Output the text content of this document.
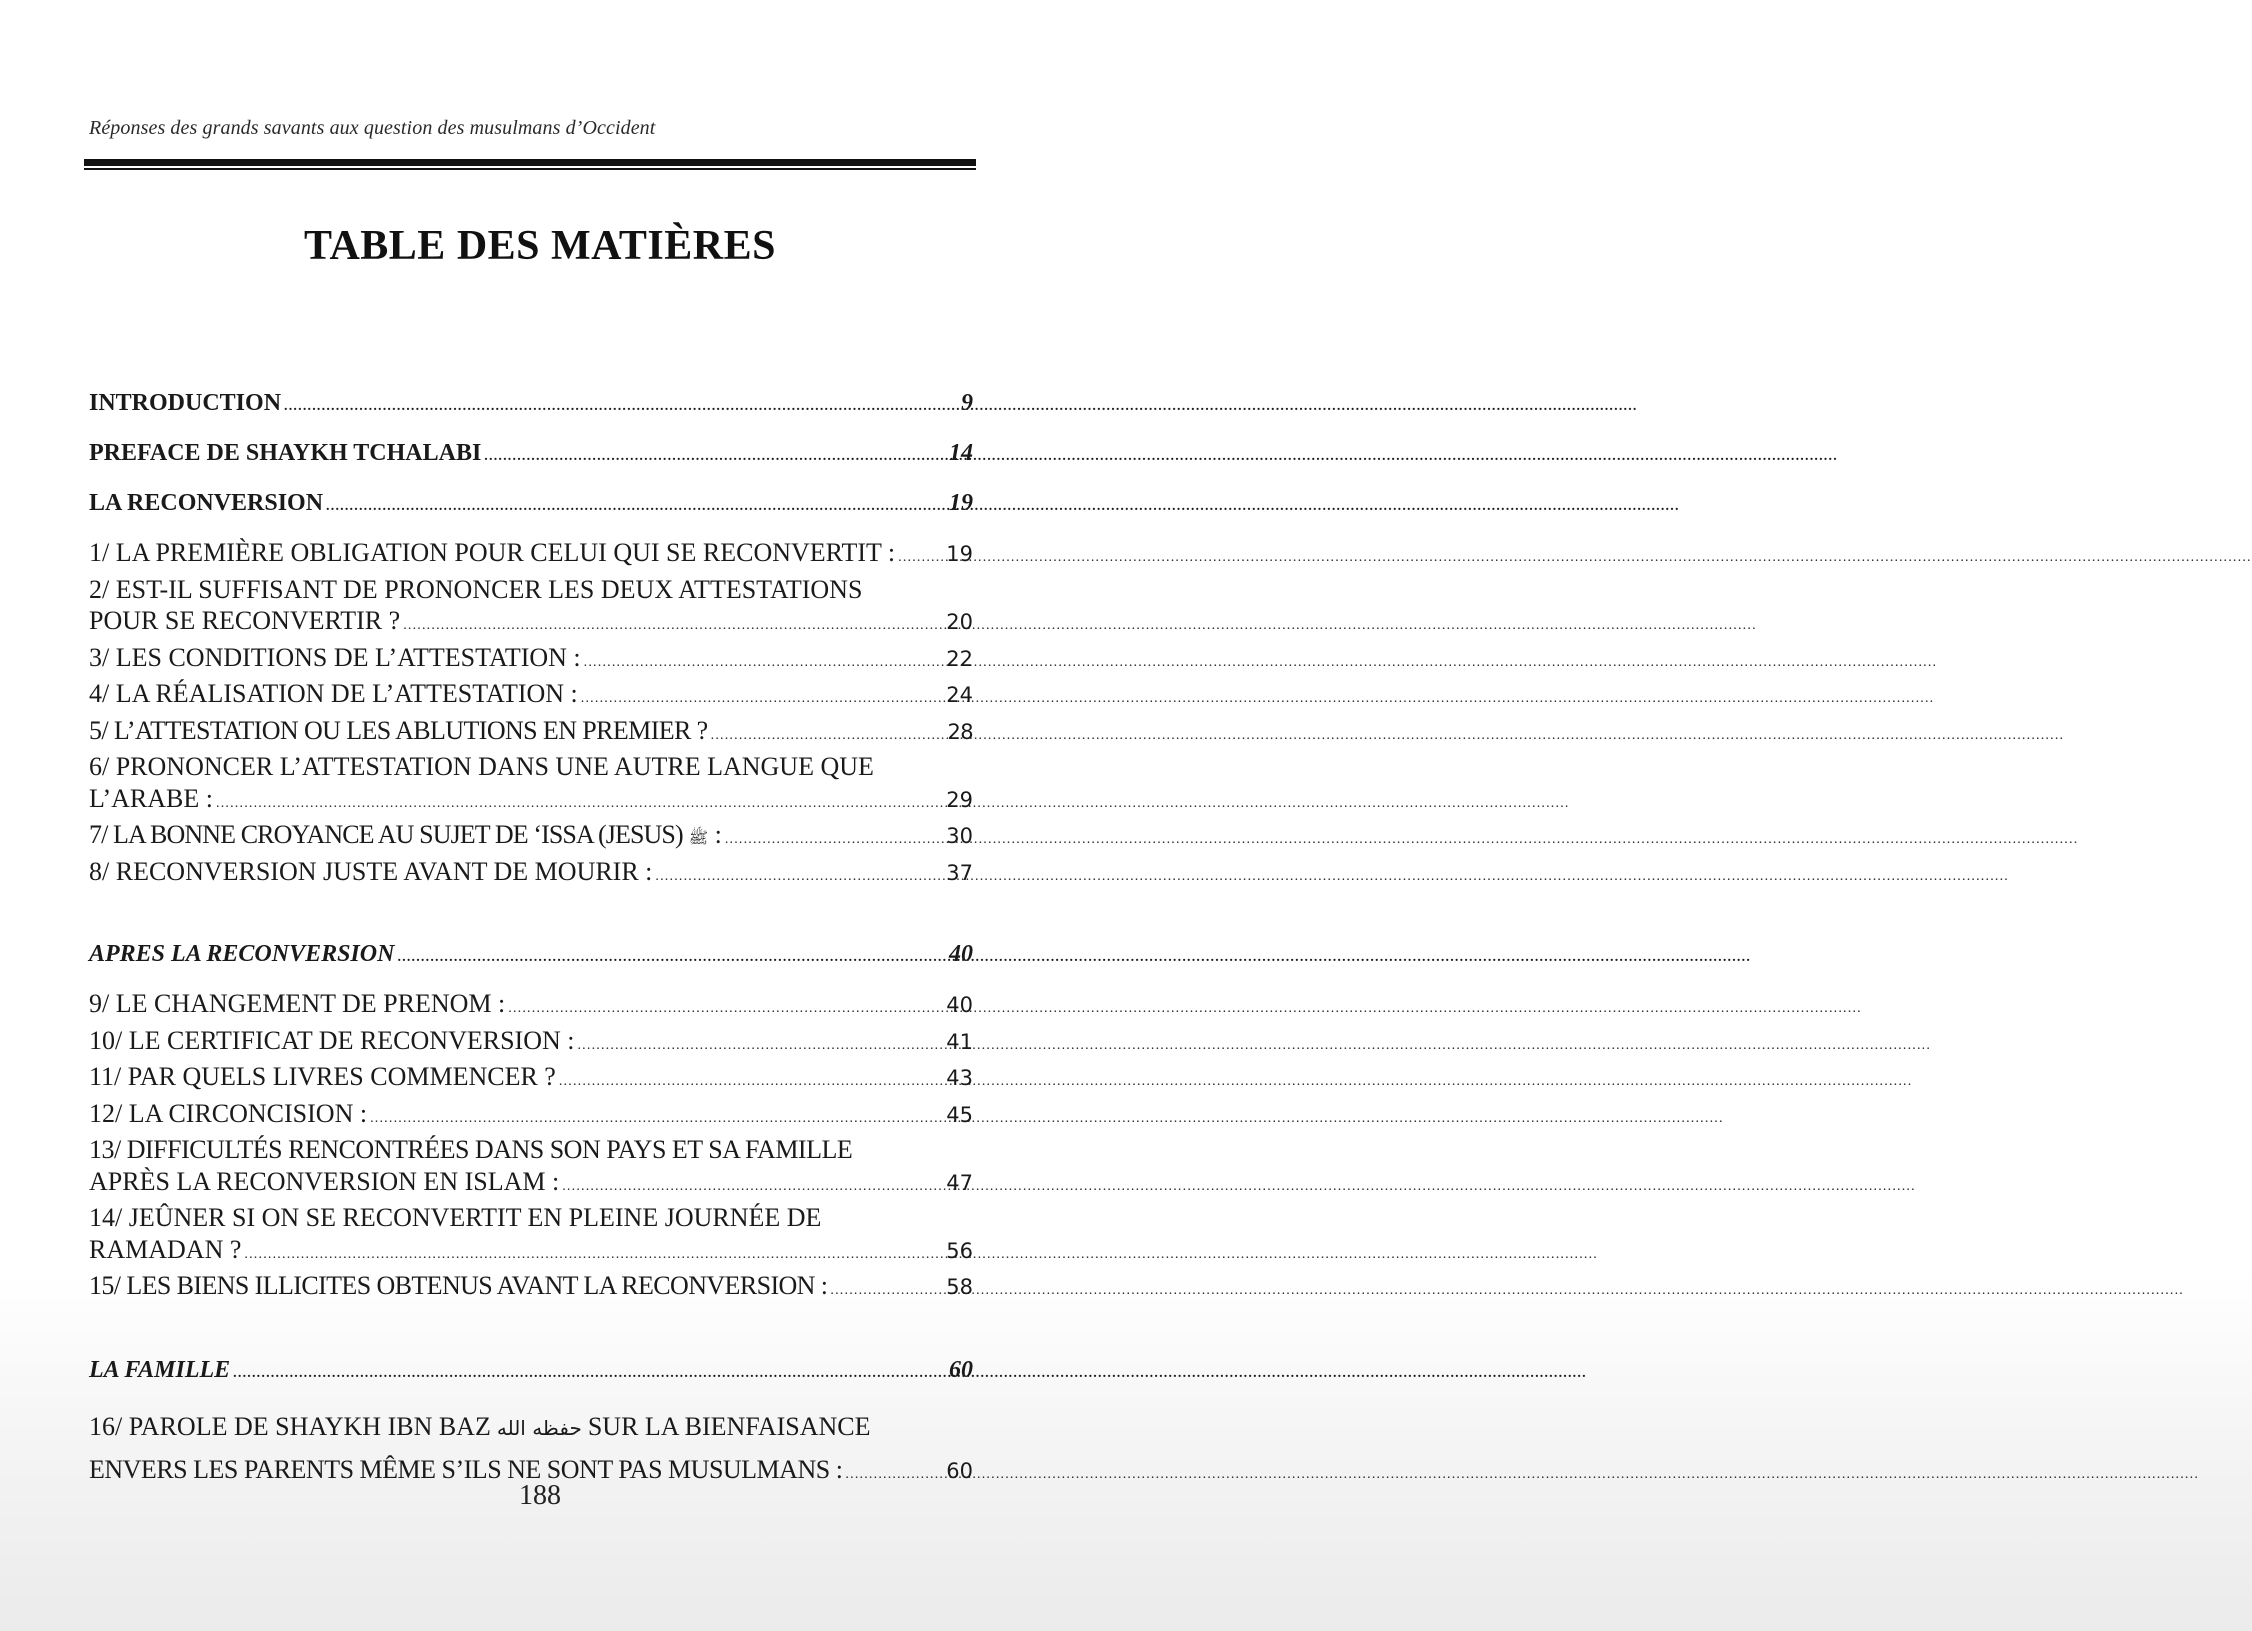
Réponses des grands savants aux question des musulmans d’Occident
TABLE DES MATIÈRES
INTRODUCTION .....	9
PREFACE DE SHAYKH TCHALABI .....	14
LA RECONVERSION .....	19
1/ LA PREMIÈRE OBLIGATION POUR CELUI QUI SE RECONVERTIT : ..... 19
2/ EST-IL SUFFISANT DE PRONONCER LES DEUX ATTESTATIONS
POUR SE RECONVERTIR ? .....	20
3/ LES CONDITIONS DE L’ATTESTATION : .....	22
4/ LA RÉALISATION DE L’ATTESTATION : .....	24
5/ L’ATTESTATION OU LES ABLUTIONS EN PREMIER ? .....	28
6/ PRONONCER L’ATTESTATION DANS UNE AUTRE LANGUE QUE
L’ARABE : .....	29
7/ LA BONNE CROYANCE AU SUJET DE ‘ISSA (JESUS) ﷺ : .....	30
8/ RECONVERSION JUSTE AVANT DE MOURIR : .....	37
APRES LA RECONVERSION .....	40
9/ LE CHANGEMENT DE PRENOM : .....	40
10/ LE CERTIFICAT DE RECONVERSION : .....	41
11/ PAR QUELS LIVRES COMMENCER ? .....	43
12/ LA CIRCONCISION : .....	45
13/ DIFFICULTÉS RENCONTRÉES DANS SON PAYS ET SA FAMILLE
APRÈS LA RECONVERSION EN ISLAM : .....	47
14/ JEÛNER SI ON SE RECONVERTIT EN PLEINE JOURNÉE DE
RAMADAN ? .....	56
15/ LES BIENS ILLICITES OBTENUS AVANT LA RECONVERSION : .....	58
LA FAMILLE .....	60
16/ PAROLE DE SHAYKH IBN BAZ حفظه الله SUR LA BIENFAISANCE
ENVERS LES PARENTS MÊME S’ILS NE SONT PAS MUSULMANS : .....	60
188
